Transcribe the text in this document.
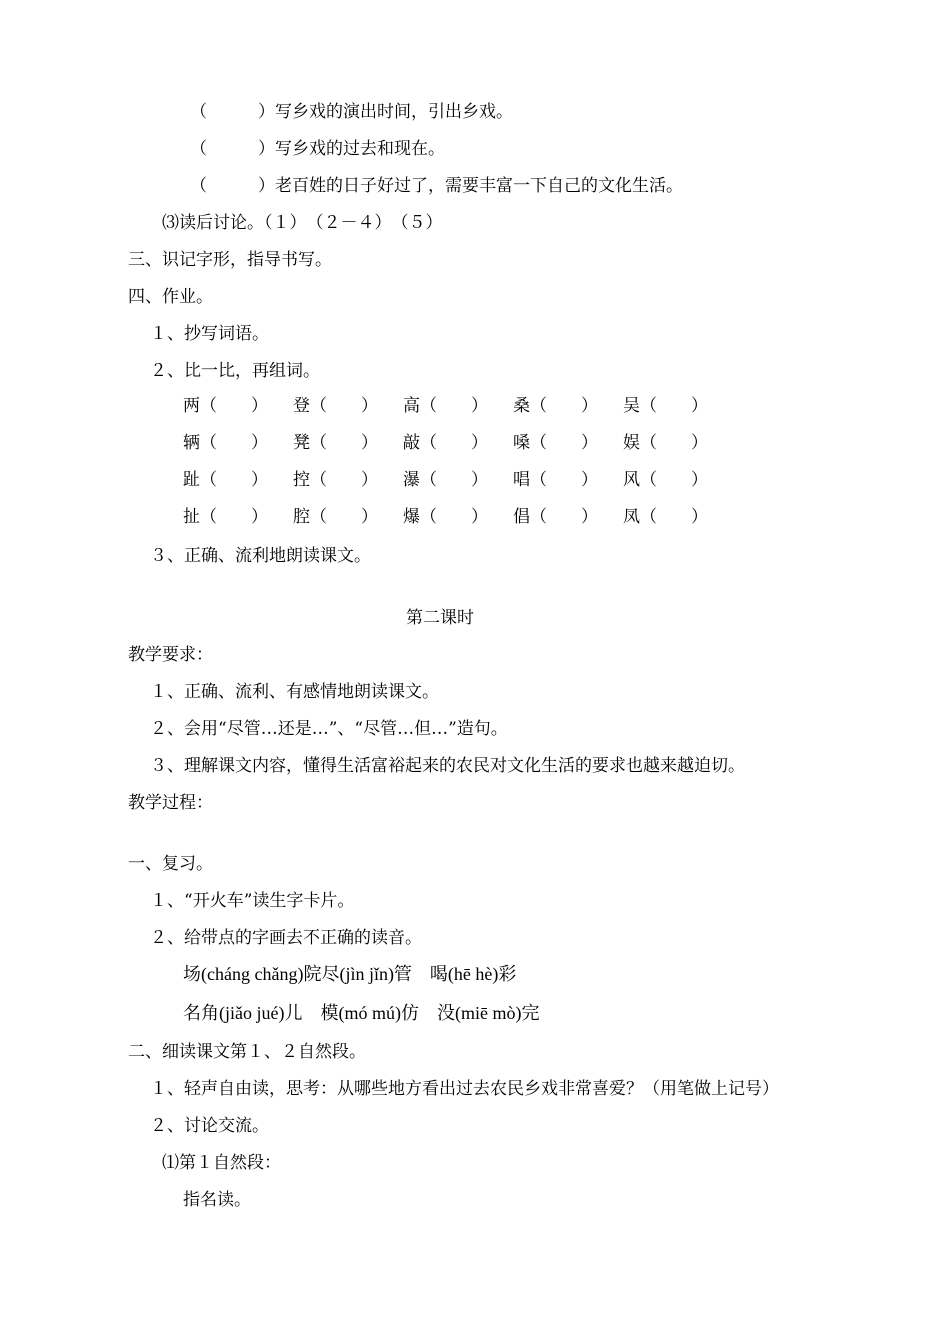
（　　　）写乡戏的演出时间，引出乡戏。
（　　　）写乡戏的过去和现在。
（　　　）老百姓的日子好过了，需要丰富一下自己的文化生活。
⑶读后讨论。（１）　（２－４）　（５）
三、识记字形，指导书写。
四、作业。
１、抄写词语。
２、比一比，再组词。
两（　　） 登（　　） 高（　　） 桑（　　） 吴（　　）
辆（　　） 凳（　　） 敲（　　） 嗓（　　） 娱（　　）
趾（　　） 控（　　） 瀑（　　） 唱（　　） 风（　　）
扯（　　） 腔（　　） 爆（　　） 倡（　　） 凤（　　）
３、正确、流利地朗读课文。
第二课时
教学要求：
１、正确、流利、有感情地朗读课文。
２、会用“尽管…还是…”、“尽管…但…”造句。
３、理解课文内容，懂得生活富裕起来的农民对文化生活的要求也越来越迫切。
教学过程：
一、复习。
１、“开火车”读生字卡片。
２、给带点的字画去不正确的读音。
场(cháng chǎng)院尽(jìn jǐn)管　喝(hē hè)彩
名角(jiǎo jué)儿　模(mó mú)仿　没(miē mò)完
二、细读课文第１、２自然段。
１、轻声自由读，思考：从哪些地方看出过去农民乡戏非常喜爱？（用笔做上记号）
２、讨论交流。
⑴第１自然段：
指名读。
